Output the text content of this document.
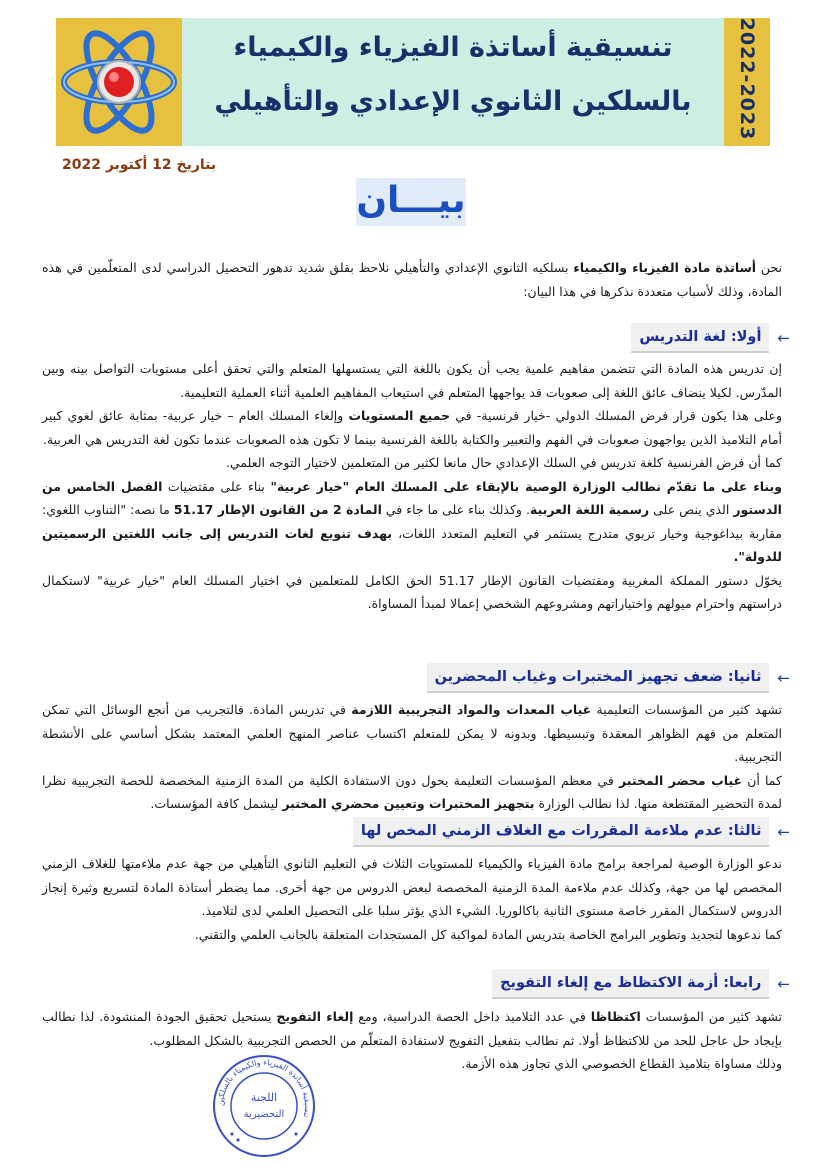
تنسيقية أساتذة الفيزياء والكيمياء
بالسلكين الثانوي الإعدادي والتأهيلي	2022-2023
بتاريخ 12 أكتوبر 2022
بيـــان
نحن أساتذة مادة الفيزياء والكيمياء بسلكيه الثانوي الإعدادي والتأهيلي نلاحظ بقلق شديد تدهور التحصيل الدراسي لدى المتعلّمين في هذه المادة، وذلك لأسباب متعددة نذكرها في هذا البيان:
←
أولا: لغة التدريس
إن تدريس هذه المادة التي تتضمن مفاهيم علمية يجب أن يكون باللغة التي يستسهلها المتعلم والتي تحقق أعلى مستويات التواصل بينه وبين المدّرس. لكيلا ينضاف عائق اللغة إلى صعوبات قد يواجهها المتعلم في استيعاب المفاهيم العلمية أثناء العملية التعليمية.
وعلى هذا يكون قرار فرض المسلك الدولي -خيار فرنسية- في جميع المستويات وإلغاء المسلك العام – خيار عربية- بمثابة عائق لغوي كبير أمام التلاميذ الذين يواجهون صعوبات في الفهم والتعبير والكتابة باللغة الفرنسية بينما لا تكون هذه الصعوبات عندما تكون لغة التدريس هي العربية.
كما أن فرض الفرنسية كلغة تدريس في السلك الإعدادي حال مانعا لكثير من المتعلمين لاختيار التوجه العلمي.
وبناء على ما تقدّم نطالب الوزارة الوصية بالإبقاء على المسلك العام "خيار عربية" بناء على مقتضيات الفصل الخامس من الدستور الذي ينص على رسمية اللغة العربية. وكذلك بناء على ما جاء في المادة 2 من القانون الإطار 51.17 ما نصه: "التناوب اللغوي: مقاربة بيداغوجية وخيار تربوي متدرج يستثمر في التعليم المتعدد اللغات، بهدف تنويع لغات التدريس إلى جانب اللغتين الرسميتين للدولة".
يخوّل دستور المملكة المغربية ومقتضيات القانون الإطار 51.17 الحق الكامل للمتعلمين في اختيار المسلك العام "خيار عربية" لاستكمال دراستهم واحترام ميولهم واختياراتهم ومشروعهم الشخصي إعمالا لمبدأ المساواة.
←
ثانيا: ضعف تجهيز المختبرات وغياب المحضرين
تشهد كثير من المؤسسات التعليمية غياب المعدات والمواد التجريبية اللازمة في تدريس المادة. فالتجريب من أنجع الوسائل التي تمكن المتعلم من فهم الظواهر المعقدة وتبسيطها. وبدونه لا يمكن للمتعلم اكتساب عناصر المنهج العلمي المعتمد بشكل أساسي على الأنشطة التجريبية.
كما أن غياب محضر المختبر في معظم المؤسسات التعليمة يحول دون الاستفادة الكلية من المدة الزمنية المخصصة للحصة التجريبية نظرا لمدة التحضير المقتطعة منها. لذا نطالب الوزارة بتجهيز المختبرات وتعيين محضري المختبر ليشمل كافة المؤسسات.
←
ثالثا: عدم ملاءمة المقررات مع الغلاف الزمني المخص لها
ندعو الوزارة الوصية لمراجعة برامج مادة الفيزياء والكيمياء للمستويات الثلاث في التعليم الثانوي التأهيلي من جهة عدم ملاءمتها للغلاف الزمني المخصص لها من جهة، وكذلك عدم ملاءمة المدة الزمنية المخصصة لبعض الدروس من جهة أخرى. مما يضطر أستاذة المادة لتسريع وثيرة إنجاز الدروس لاستكمال المقرر خاصة مستوى الثانية باكالوريا. الشيء الذي يؤثر سلبا على التحصيل العلمي لدى لتلاميذ.
كما ندعوها لتجديد وتطوير البرامج الخاصة بتدريس المادة لمواكبة كل المستجدات المتعلقة بالجانب العلمي والتقني.
←
رابعا: أزمة الاكتظاظ مع إلغاء التفويج
تشهد كثير من المؤسسات اكتظاظا في عدد التلاميذ داخل الحصة الدراسية، ومع إلغاء التفويج يستحيل تحقيق الجودة المنشودة. لذا نطالب بإيجاد حل عاجل للحد من للاكتظاظ أولا. ثم نطالب بتفعيل التفويج لاستفادة المتعلّم من الحصص التجريبية بالشكل المطلوب.
وذلك مساواة بتلاميذ القطاع الخصوصي الذي تجاوز هذه الأزمة.
تنسيقية أساتذة الفيزياء والكيمياء بالسلكين
اللجنة
التحضيرية
